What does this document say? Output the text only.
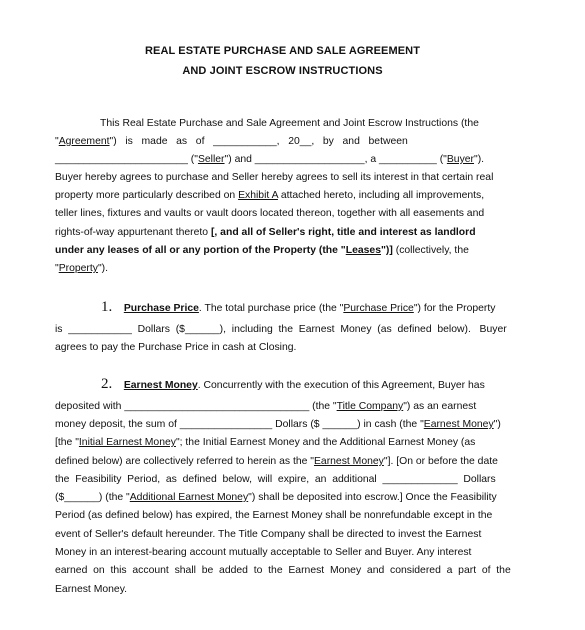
REAL ESTATE PURCHASE AND SALE AGREEMENT
AND JOINT ESCROW INSTRUCTIONS
This Real Estate Purchase and Sale Agreement and Joint Escrow Instructions (the
"Agreement")   is   made   as   of   ___________,   20__,   by   and   between
_______________________ ("Seller") and ___________________, a __________ ("Buyer").
Buyer hereby agrees to purchase and Seller hereby agrees to sell its interest in that certain real
property more particularly described on Exhibit A attached hereto, including all improvements,
teller lines, fixtures and vaults or vault doors located thereon, together with all easements and
rights-of-way appurtenant thereto [, and all of Seller's right, title and interest as landlord
under any leases of all or any portion of the Property (the "Leases")] (collectively, the
"Property").
1. Purchase Price. The total purchase price (the "Purchase Price") for the Property
is  ___________  Dollars  ($______),  including  the  Earnest  Money  (as  defined  below).   Buyer
agrees to pay the Purchase Price in cash at Closing.
2. Earnest Money. Concurrently with the execution of this Agreement, Buyer has
deposited with ________________________________ (the "Title Company") as an earnest
money deposit, the sum of ________________ Dollars ($ ______) in cash (the "Earnest Money")
[the "Initial Earnest Money"; the Initial Earnest Money and the Additional Earnest Money (as
defined below) are collectively referred to herein as the "Earnest Money"]. [On or before the date
the  Feasibility  Period,  as  defined  below,  will  expire,  an  additional  _____________  Dollars
($______) (the "Additional Earnest Money") shall be deposited into escrow.] Once the Feasibility
Period (as defined below) has expired, the Earnest Money shall be nonrefundable except in the
event of Seller's default hereunder. The Title Company shall be directed to invest the Earnest
Money in an interest-bearing account mutually acceptable to Seller and Buyer. Any interest
earned  on  this  account  shall  be  added  to  the  Earnest  Money  and  considered  a  part  of  the
Earnest Money.
